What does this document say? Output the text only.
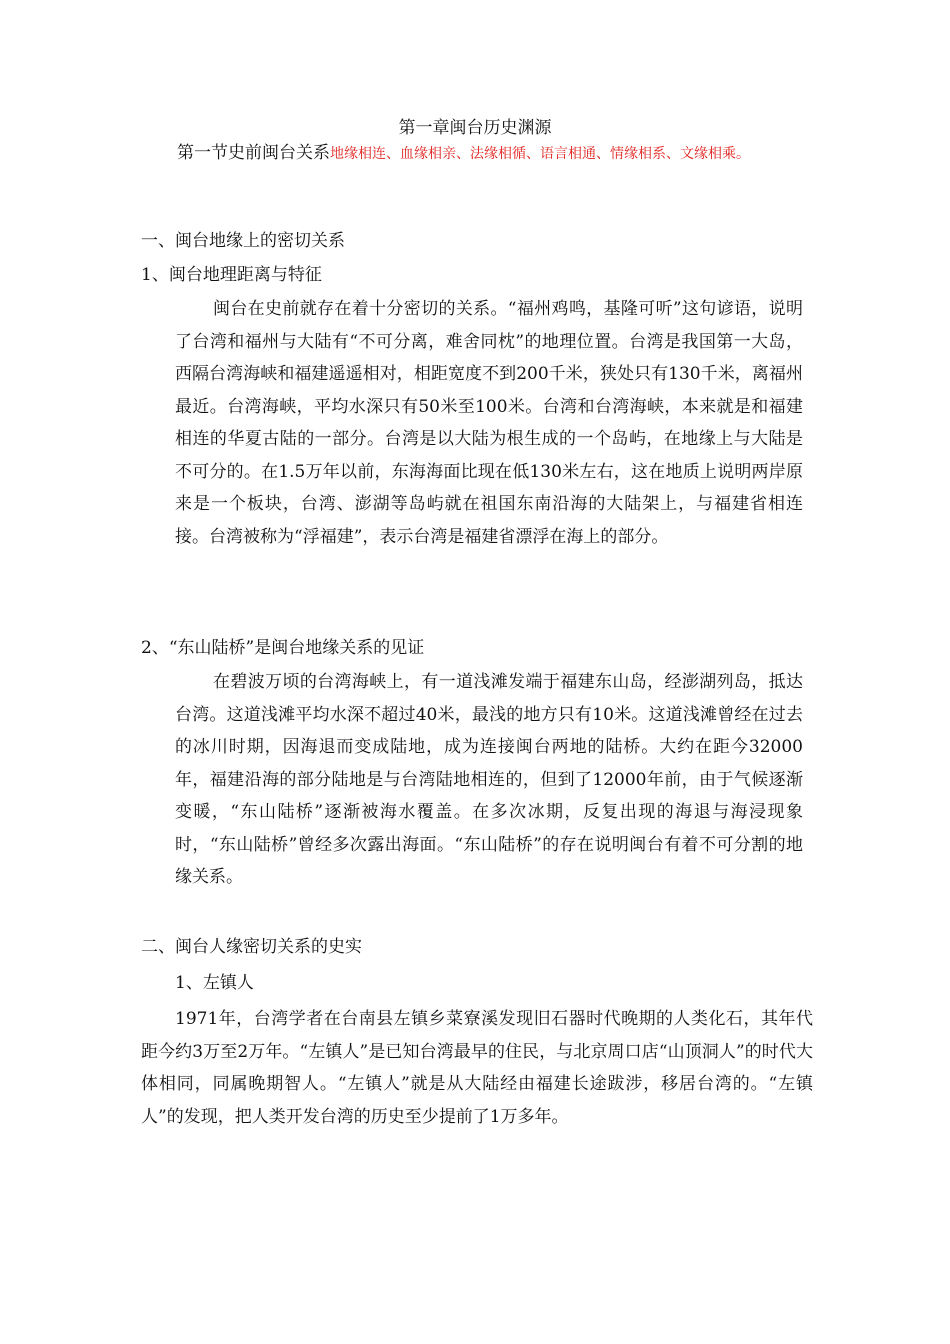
第一章闽台历史渊源
第一节史前闽台关系地缘相连、血缘相亲、法缘相循、语言相通、情缘相系、文缘相乘。
一、闽台地缘上的密切关系
1、闽台地理距离与特征
闽台在史前就存在着十分密切的关系。“福州鸡鸣，基隆可听”这句谚语，说明了台湾和福州与大陆有“不可分离，难舍同枕”的地理位置。台湾是我国第一大岛，西隔台湾海峡和福建遥遥相对，相距宽度不到200千米，狭处只有130千米，离福州最近。台湾海峡，平均水深只有50米至100米。台湾和台湾海峡，本来就是和福建相连的华夏古陆的一部分。台湾是以大陆为根生成的一个岛屿，在地缘上与大陆是不可分的。在1.5万年以前，东海海面比现在低130米左右，这在地质上说明两岸原来是一个板块，台湾、澎湖等岛屿就在祖国东南沿海的大陆架上，与福建省相连接。台湾被称为“浮福建”，表示台湾是福建省漂浮在海上的部分。
2、“东山陆桥”是闽台地缘关系的见证
在碧波万顷的台湾海峡上，有一道浅滩发端于福建东山岛，经澎湖列岛，抵达台湾。这道浅滩平均水深不超过40米，最浅的地方只有10米。这道浅滩曾经在过去的冰川时期，因海退而变成陆地，成为连接闽台两地的陆桥。大约在距今32000年，福建沿海的部分陆地是与台湾陆地相连的，但到了12000年前，由于气候逐渐变暖，“东山陆桥”逐渐被海水覆盖。在多次冰期，反复出现的海退与海浸现象时，“东山陆桥”曾经多次露出海面。“东山陆桥”的存在说明闽台有着不可分割的地缘关系。
二、闽台人缘密切关系的史实
1、左镇人
1971年，台湾学者在台南县左镇乡菜寮溪发现旧石器时代晚期的人类化石，其年代距今约3万至2万年。“左镇人”是已知台湾最早的住民，与北京周口店“山顶洞人”的时代大体相同，同属晚期智人。“左镇人”就是从大陆经由福建长途跋涉，移居台湾的。“左镇人”的发现，把人类开发台湾的历史至少提前了1万多年。
